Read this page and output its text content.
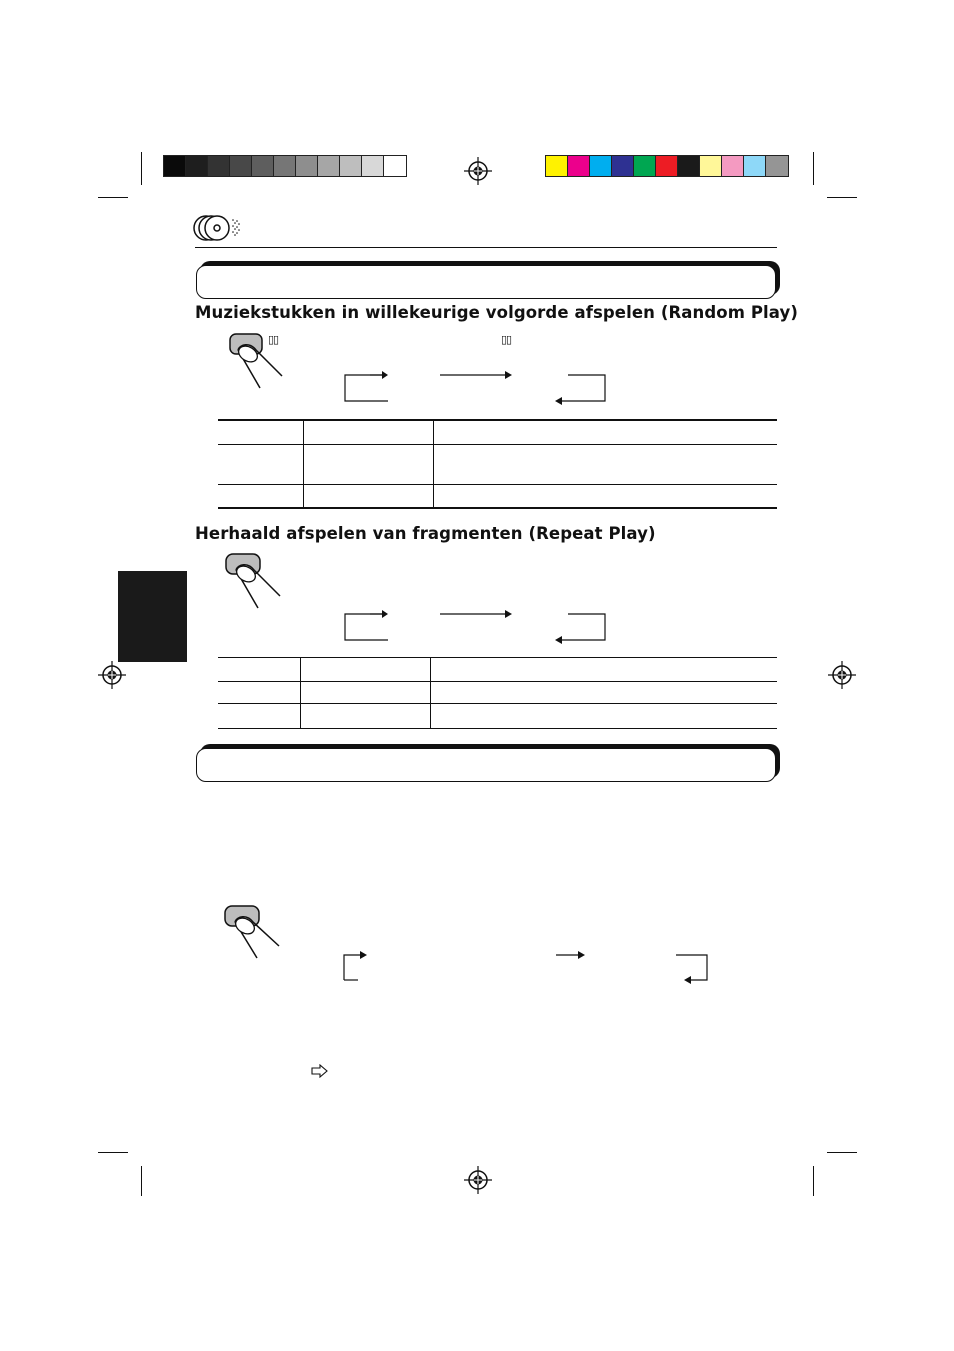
Muziekstukken in willekeurige volgorde afspelen (Random Play)
▯▯	▯▯

Herhaald afspelen van fragmenten (Repeat Play)
